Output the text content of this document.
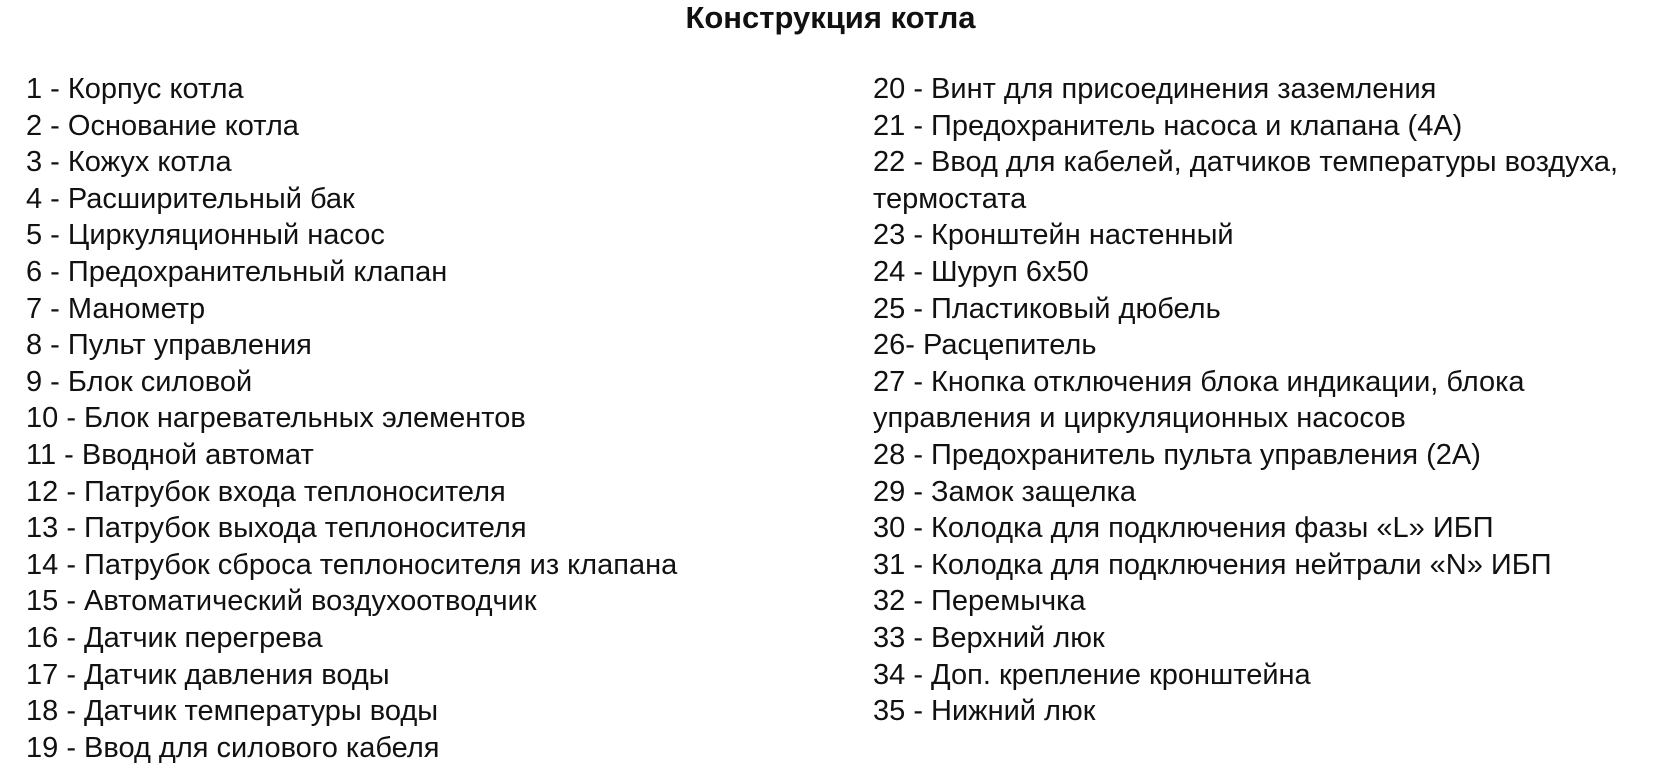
Конструкция котла
1 - Корпус котла
2 - Основание котла
3 - Кожух котла
4 - Расширительный бак
5 - Циркуляционный насос
6 - Предохранительный клапан
7 - Манометр
8 - Пульт управления
9 - Блок силовой
10 - Блок нагревательных элементов
11 - Вводной автомат
12 - Патрубок входа теплоносителя
13 - Патрубок выхода теплоносителя
14 - Патрубок сброса теплоносителя из клапана
15 - Автоматический воздухоотводчик
16 - Датчик перегрева
17 - Датчик давления воды
18 - Датчик температуры воды
19 - Ввод для силового кабеля
20 - Винт для присоединения заземления
21 - Предохранитель насоса и клапана (4А)
22 - Ввод для кабелей, датчиков температуры воздуха, термостата
23 - Кронштейн настенный
24 - Шуруп 6х50
25 - Пластиковый дюбель
26- Расцепитель
27 - Кнопка отключения блока индикации, блока управления и циркуляционных насосов
28 - Предохранитель пульта управления (2А)
29 - Замок защелка
30 - Колодка для подключения фазы «L» ИБП
31 - Колодка для подключения нейтрали «N» ИБП
32 - Перемычка
33 - Верхний люк
34 - Доп. крепление кронштейна
35 - Нижний люк
